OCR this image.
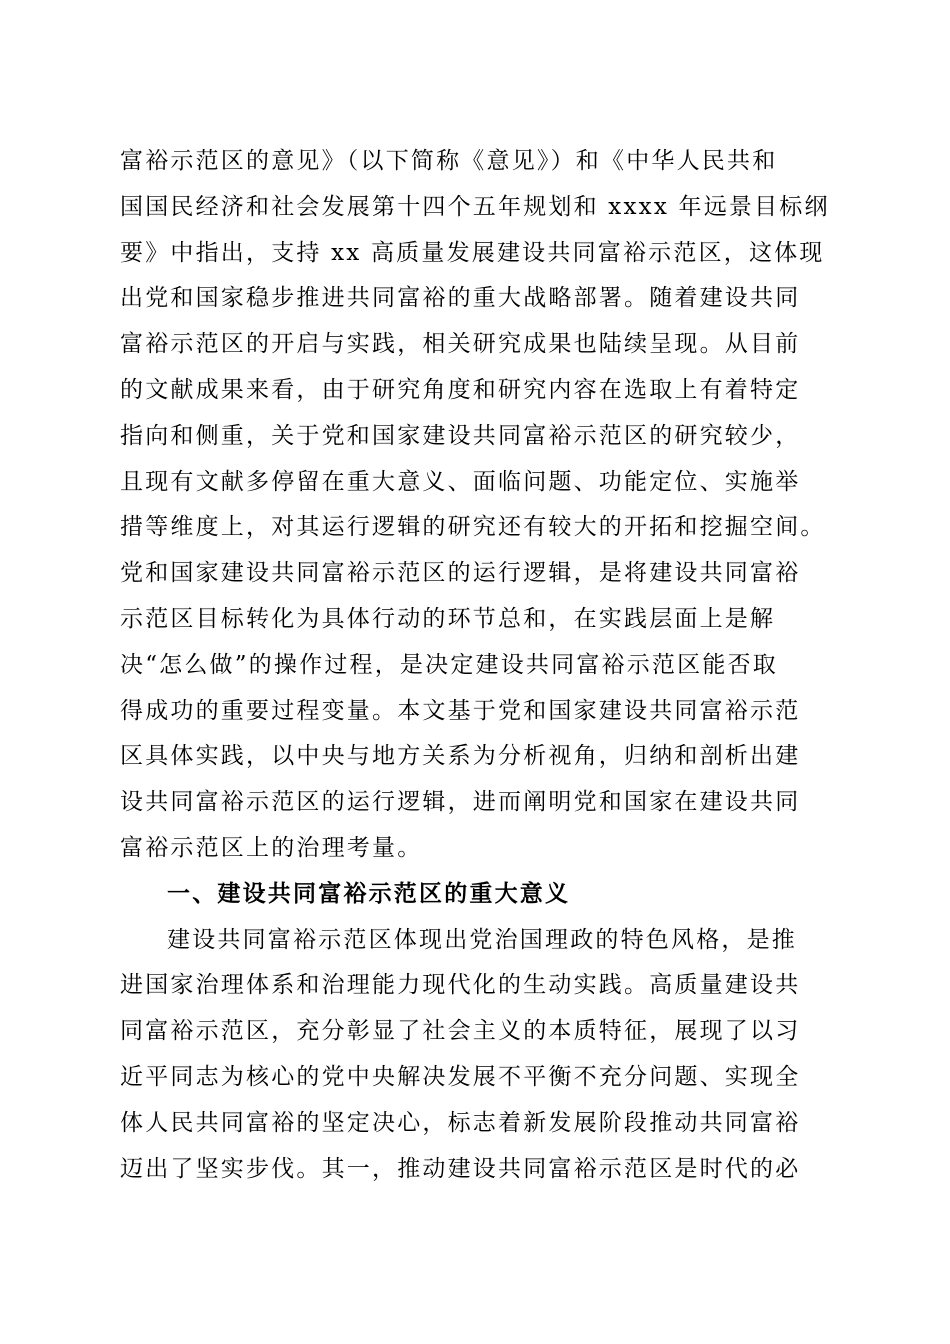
富裕示范区的意见》（以下简称《意见》）和《中华人民共和
国国民经济和社会发展第十四个五年规划和 xxxx 年远景目标纲
要》中指出，支持 xx 高质量发展建设共同富裕示范区，这体现
出党和国家稳步推进共同富裕的重大战略部署。随着建设共同
富裕示范区的开启与实践，相关研究成果也陆续呈现。从目前
的文献成果来看，由于研究角度和研究内容在选取上有着特定
指向和侧重，关于党和国家建设共同富裕示范区的研究较少，
且现有文献多停留在重大意义、面临问题、功能定位、实施举
措等维度上，对其运行逻辑的研究还有较大的开拓和挖掘空间。
党和国家建设共同富裕示范区的运行逻辑，是将建设共同富裕
示范区目标转化为具体行动的环节总和，在实践层面上是解
决“怎么做”的操作过程，是决定建设共同富裕示范区能否取
得成功的重要过程变量。本文基于党和国家建设共同富裕示范
区具体实践，以中央与地方关系为分析视角，归纳和剖析出建
设共同富裕示范区的运行逻辑，进而阐明党和国家在建设共同
富裕示范区上的治理考量。
一、建设共同富裕示范区的重大意义
建设共同富裕示范区体现出党治国理政的特色风格，是推
进国家治理体系和治理能力现代化的生动实践。高质量建设共
同富裕示范区，充分彰显了社会主义的本质特征，展现了以习
近平同志为核心的党中央解决发展不平衡不充分问题、实现全
体人民共同富裕的坚定决心，标志着新发展阶段推动共同富裕
迈出了坚实步伐。其一，推动建设共同富裕示范区是时代的必
